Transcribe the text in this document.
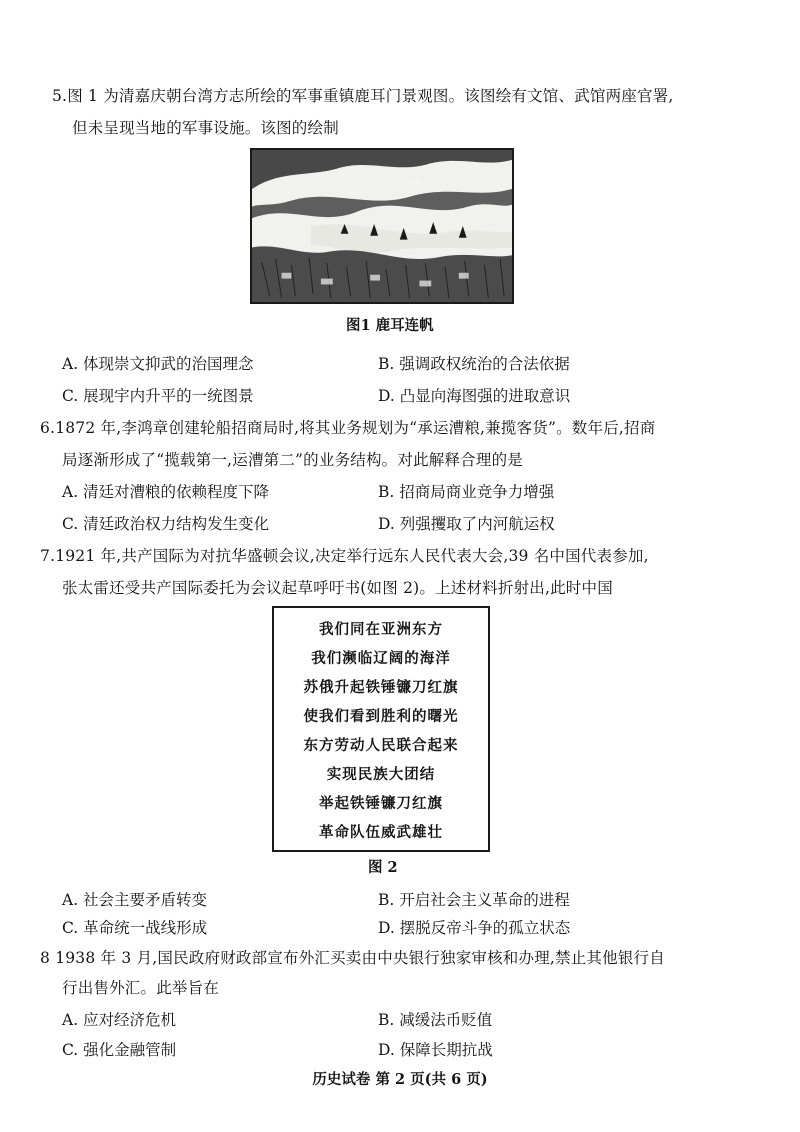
5.图 1 为清嘉庆朝台湾方志所绘的军事重镇鹿耳门景观图。该图绘有文馆、武馆两座官署,
但未呈现当地的军事设施。该图的绘制
图1 鹿耳连帆
A. 体现崇文抑武的治国理念	B. 强调政权统治的合法依据
C. 展现宇内升平的一统图景	D. 凸显向海图强的进取意识
6.1872 年,李鸿章创建轮船招商局时,将其业务规划为“承运漕粮,兼揽客货”。数年后,招商
局逐渐形成了“揽载第一,运漕第二”的业务结构。对此解释合理的是
A. 清廷对漕粮的依赖程度下降	B. 招商局商业竞争力增强
C. 清廷政治权力结构发生变化	D. 列强攫取了内河航运权
7.1921 年,共产国际为对抗华盛顿会议,决定举行远东人民代表大会,39 名中国代表参加,
张太雷还受共产国际委托为会议起草呼吁书(如图 2)。上述材料折射出,此时中国
我们同在亚洲东方
我们濒临辽阔的海洋
苏俄升起铁锤镰刀红旗
使我们看到胜利的曙光
东方劳动人民联合起来
实现民族大团结
举起铁锤镰刀红旗
革命队伍威武雄壮
图 2
A. 社会主要矛盾转变	B. 开启社会主义革命的进程
C. 革命统一战线形成	D. 摆脱反帝斗争的孤立状态
8 1938 年 3 月,国民政府财政部宣布外汇买卖由中央银行独家审核和办理,禁止其他银行自
行出售外汇。此举旨在
A. 应对经济危机	B. 减缓法币贬值
C. 强化金融管制	D. 保障长期抗战
历史试卷 第 2 页(共 6 页)
